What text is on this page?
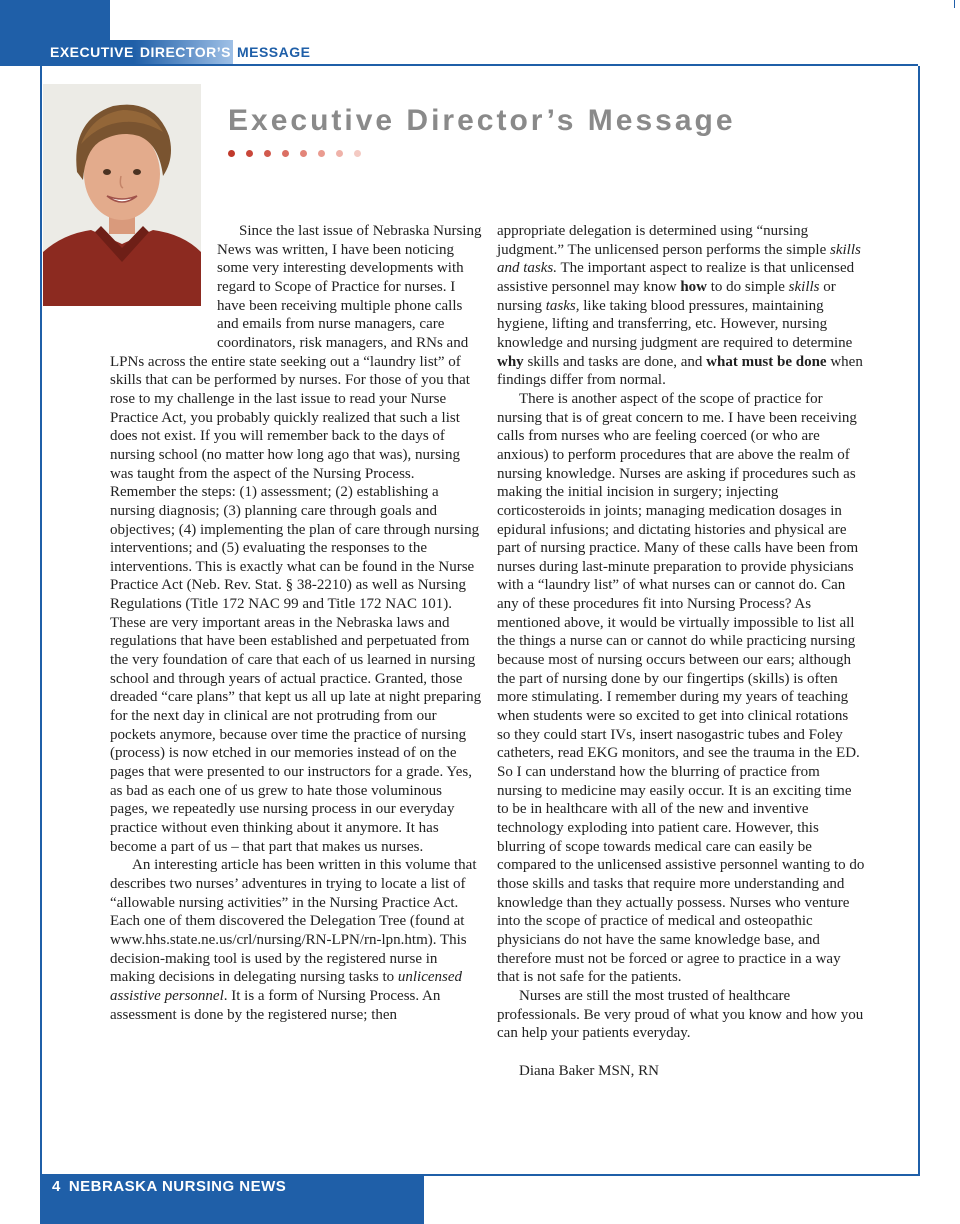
EXECUTIVE DIRECTOR’S MESSAGE
Executive Director’s Message

Since the last issue of Nebraska Nursing News was written, I have been noticing some very interesting developments with regard to Scope of Practice for nurses. I have been receiving multiple phone calls and emails from nurse managers, care coordinators, risk managers, and RNs and LPNs across the entire state seeking out a “laundry list” of skills that can be performed by nurses. For those of you that rose to my challenge in the last issue to read your Nurse Practice Act, you probably quickly realized that such a list does not exist. If you will remember back to the days of nursing school (no matter how long ago that was), nursing was taught from the aspect of the Nursing Process. Remember the steps: (1) assessment; (2) establishing a nursing diagnosis; (3) planning care through goals and objectives; (4) implementing the plan of care through nursing interventions; and (5) evaluating the responses to the interventions. This is exactly what can be found in the Nurse Practice Act (Neb. Rev. Stat. § 38-2210) as well as Nursing Regulations (Title 172 NAC 99 and Title 172 NAC 101). These are very important areas in the Nebraska laws and regulations that have been established and perpetuated from the very foundation of care that each of us learned in nursing school and through years of actual practice. Granted, those dreaded “care plans” that kept us all up late at night preparing for the next day in clinical are not protruding from our pockets anymore, because over time the practice of nursing (process) is now etched in our memories instead of on the pages that were presented to our instructors for a grade. Yes, as bad as each one of us grew to hate those voluminous pages, we repeatedly use nursing process in our everyday practice without even thinking about it anymore. It has become a part of us – that part that makes us nurses.

An interesting article has been written in this volume that describes two nurses’ adventures in trying to locate a list of “allowable nursing activities” in the Nursing Practice Act. Each one of them discovered the Delegation Tree (found at www.hhs.state.ne.us/crl/nursing/RN-LPN/rn-lpn.htm). This decision-making tool is used by the registered nurse in making decisions in delegating nursing tasks to unlicensed assistive personnel. It is a form of Nursing Process. An assessment is done by the registered nurse; then

appropriate delegation is determined using “nursing judgment.” The unlicensed person performs the simple skills and tasks. The important aspect to realize is that unlicensed assistive personnel may know how to do simple skills or nursing tasks, like taking blood pressures, maintaining hygiene, lifting and transferring, etc. However, nursing knowledge and nursing judgment are required to determine why skills and tasks are done, and what must be done when findings differ from normal.

There is another aspect of the scope of practice for nursing that is of great concern to me. I have been receiving calls from nurses who are feeling coerced (or who are anxious) to perform procedures that are above the realm of nursing knowledge. Nurses are asking if procedures such as making the initial incision in surgery; injecting corticosteroids in joints; managing medication dosages in epidural infusions; and dictating histories and physical are part of nursing practice. Many of these calls have been from nurses during last-minute preparation to provide physicians with a “laundry list” of what nurses can or cannot do. Can any of these procedures fit into Nursing Process? As mentioned above, it would be virtually impossible to list all the things a nurse can or cannot do while practicing nursing because most of nursing occurs between our ears; although the part of nursing done by our fingertips (skills) is often more stimulating. I remember during my years of teaching when students were so excited to get into clinical rotations so they could start IVs, insert nasogastric tubes and Foley catheters, read EKG monitors, and see the trauma in the ED. So I can understand how the blurring of practice from nursing to medicine may easily occur. It is an exciting time to be in healthcare with all of the new and inventive technology exploding into patient care. However, this blurring of scope towards medical care can easily be compared to the unlicensed assistive personnel wanting to do those skills and tasks that require more understanding and knowledge than they actually possess. Nurses who venture into the scope of practice of medical and osteopathic physicians do not have the same knowledge base, and therefore must not be forced or agree to practice in a way that is not safe for the patients.

Nurses are still the most trusted of healthcare professionals. Be very proud of what you know and how you can help your patients everyday.

Diana Baker MSN, RN

4 NEBRASKA NURSING NEWS
